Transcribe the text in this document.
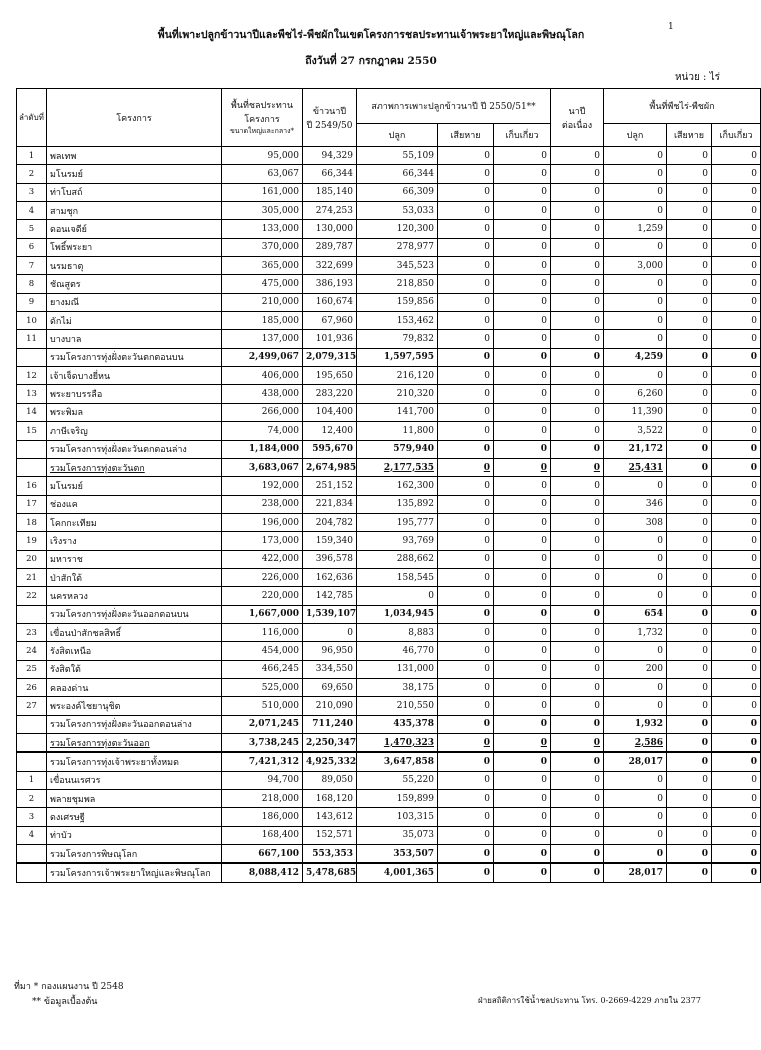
1
พื้นที่เพาะปลูกข้าวนาปีและพืชไร่-พืชผักในเขตโครงการชลประทานเจ้าพระยาใหญ่และพิษณุโลก
ถึงวันที่ 27 กรกฎาคม 2550
หน่วย : ไร่
ลำดับที่	โครงการ	พื้นที่ชลประทาน
โครงการ
ขนาดใหญ่และกลาง*	ข้าวนาปี
ปี 2549/50	สภาพการเพาะปลูกข้าวนาปี ปี 2550/51**			นาปี
ต่อเนื่อง	พื้นที่พืชไร่-พืชผัก		
				ปลูก	เสียหาย	เก็บเกี่ยว		ปลูก	เสียหาย	เก็บเกี่ยว
1	พลเทพ	95,000	94,329	55,109	0	0	0	0	0	0
2	มโนรมย์	63,067	66,344	66,344	0	0	0	0	0	0
3	ท่าโบสถ์	161,000	185,140	66,309	0	0	0	0	0	0
4	สามชุก	305,000	274,253	53,033	0	0	0	0	0	0
5	ดอนเจดีย์	133,000	130,000	120,300	0	0	0	1,259	0	0
6	โพธิ์พระยา	370,000	289,787	278,977	0	0	0	0	0	0
7	นรมธาตุ	365,000	322,699	345,523	0	0	0	3,000	0	0
8	ชัณสูตร	475,000	386,193	218,850	0	0	0	0	0	0
9	ยางมณี	210,000	160,674	159,856	0	0	0	0	0	0
10	ดักไม่	185,000	67,960	153,462	0	0	0	0	0	0
11	บางบาล	137,000	101,936	79,832	0	0	0	0	0	0
	รวมโครงการทุ่งฝั่งตะวันตกตอนบน	2,499,067	2,079,315	1,597,595	0	0	0	4,259	0	0
12	เจ้าเจ็ดบางยี่หน	406,000	195,650	216,120	0	0	0	0	0	0
13	พระยาบรรลือ	438,000	283,220	210,320	0	0	0	6,260	0	0
14	พระพิมล	266,000	104,400	141,700	0	0	0	11,390	0	0
15	ภาษีเจริญ	74,000	12,400	11,800	0	0	0	3,522	0	0
	รวมโครงการทุ่งฝั่งตะวันตกตอนล่าง	1,184,000	595,670	579,940	0	0	0	21,172	0	0
	รวมโครงการทุ่งตะวันตก	3,683,067	2,674,985	2,177,535	0	0	0	25,431	0	0
16	มโนรมย์	192,000	251,152	162,300	0	0	0	0	0	0
17	ช่องแค	238,000	221,834	135,892	0	0	0	346	0	0
18	โคกกะเทียม	196,000	204,782	195,777	0	0	0	308	0	0
19	เริงราง	173,000	159,340	93,769	0	0	0	0	0	0
20	มหาราช	422,000	396,578	288,662	0	0	0	0	0	0
21	ป่าสักใต้	226,000	162,636	158,545	0	0	0	0	0	0
22	นครหลวง	220,000	142,785	0	0	0	0	0	0	0
	รวมโครงการทุ่งฝั่งตะวันออกตอนบน	1,667,000	1,539,107	1,034,945	0	0	0	654	0	0
23	เขื่อนป่าสักชลสิทธิ์	116,000	0	8,883	0	0	0	1,732	0	0
24	รังสิตเหนือ	454,000	96,950	46,770	0	0	0	0	0	0
25	รังสิตใต้	466,245	334,550	131,000	0	0	0	200	0	0
26	คลองด่าน	525,000	69,650	38,175	0	0	0	0	0	0
27	พระองค์ไชยานุชิต	510,000	210,090	210,550	0	0	0	0	0	0
	รวมโครงการทุ่งฝั่งตะวันออกตอนล่าง	2,071,245	711,240	435,378	0	0	0	1,932	0	0
	รวมโครงการทุ่งตะวันออก	3,738,245	2,250,347	1,470,323	0	0	0	2,586	0	0
	รวมโครงการทุ่งเจ้าพระยาทั้งหมด	7,421,312	4,925,332	3,647,858	0	0	0	28,017	0	0
1	เขื่อนนเรศวร	94,700	89,050	55,220	0	0	0	0	0	0
2	พลายชุมพล	218,000	168,120	159,899	0	0	0	0	0	0
3	ดงเศรษฐี	186,000	143,612	103,315	0	0	0	0	0	0
4	ท่าบัว	168,400	152,571	35,073	0	0	0	0	0	0
	รวมโครงการพิษณุโลก	667,100	553,353	353,507	0	0	0	0	0	0
	รวมโครงการเจ้าพระยาใหญ่และพิษณุโลก	8,088,412	5,478,685	4,001,365	0	0	0	28,017	0	0
ที่มา * กองแผนงาน ปี 2548
** ข้อมูลเบื้องต้น	ฝ่ายสถิติการใช้น้ำชลประทาน โทร. 0-2669-4229 ภายใน 2377
